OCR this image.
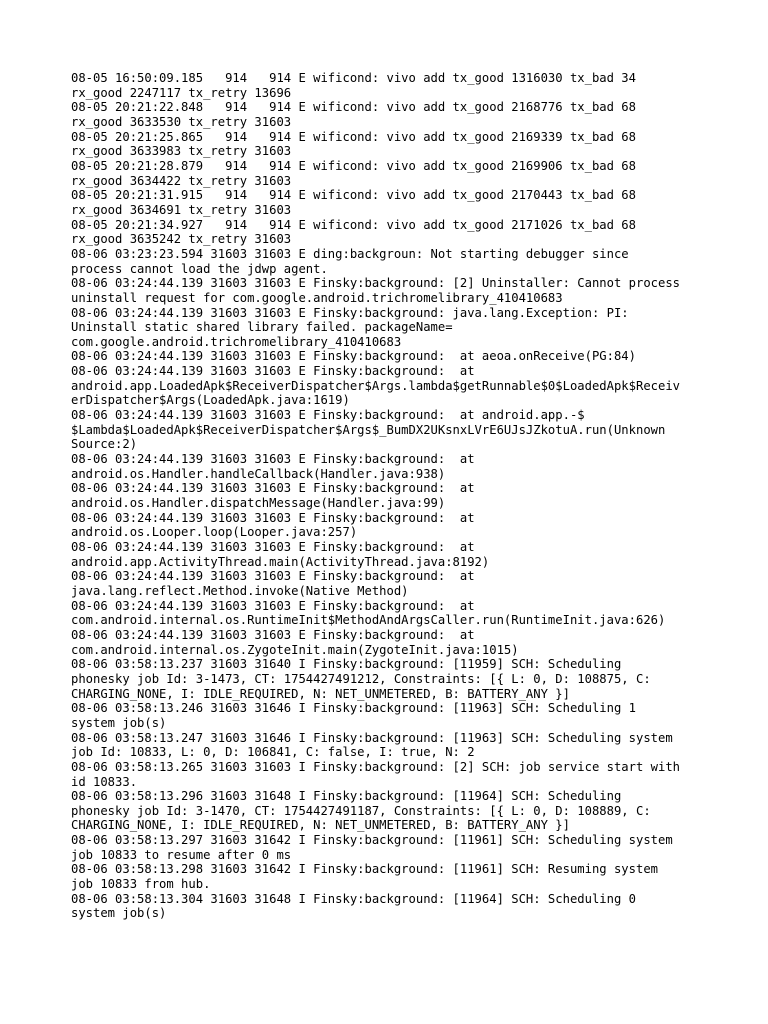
08-05 16:50:09.185   914   914 E wificond: vivo add tx_good 1316030 tx_bad 34
rx_good 2247117 tx_retry 13696
08-05 20:21:22.848   914   914 E wificond: vivo add tx_good 2168776 tx_bad 68
rx_good 3633530 tx_retry 31603
08-05 20:21:25.865   914   914 E wificond: vivo add tx_good 2169339 tx_bad 68
rx_good 3633983 tx_retry 31603
08-05 20:21:28.879   914   914 E wificond: vivo add tx_good 2169906 tx_bad 68
rx_good 3634422 tx_retry 31603
08-05 20:21:31.915   914   914 E wificond: vivo add tx_good 2170443 tx_bad 68
rx_good 3634691 tx_retry 31603
08-05 20:21:34.927   914   914 E wificond: vivo add tx_good 2171026 tx_bad 68
rx_good 3635242 tx_retry 31603
08-06 03:23:23.594 31603 31603 E ding:backgroun: Not starting debugger since
process cannot load the jdwp agent.
08-06 03:24:44.139 31603 31603 E Finsky:background: [2] Uninstaller: Cannot process
uninstall request for com.google.android.trichromelibrary_410410683
08-06 03:24:44.139 31603 31603 E Finsky:background: java.lang.Exception: PI:
Uninstall static shared library failed. packageName=
com.google.android.trichromelibrary_410410683
08-06 03:24:44.139 31603 31603 E Finsky:background:  at aeoa.onReceive(PG:84)
08-06 03:24:44.139 31603 31603 E Finsky:background:  at
android.app.LoadedApk$ReceiverDispatcher$Args.lambda$getRunnable$0$LoadedApk$Receiv
erDispatcher$Args(LoadedApk.java:1619)
08-06 03:24:44.139 31603 31603 E Finsky:background:  at android.app.-$
$Lambda$LoadedApk$ReceiverDispatcher$Args$_BumDX2UKsnxLVrE6UJsJZkotuA.run(Unknown
Source:2)
08-06 03:24:44.139 31603 31603 E Finsky:background:  at
android.os.Handler.handleCallback(Handler.java:938)
08-06 03:24:44.139 31603 31603 E Finsky:background:  at
android.os.Handler.dispatchMessage(Handler.java:99)
08-06 03:24:44.139 31603 31603 E Finsky:background:  at
android.os.Looper.loop(Looper.java:257)
08-06 03:24:44.139 31603 31603 E Finsky:background:  at
android.app.ActivityThread.main(ActivityThread.java:8192)
08-06 03:24:44.139 31603 31603 E Finsky:background:  at
java.lang.reflect.Method.invoke(Native Method)
08-06 03:24:44.139 31603 31603 E Finsky:background:  at
com.android.internal.os.RuntimeInit$MethodAndArgsCaller.run(RuntimeInit.java:626)
08-06 03:24:44.139 31603 31603 E Finsky:background:  at
com.android.internal.os.ZygoteInit.main(ZygoteInit.java:1015)
08-06 03:58:13.237 31603 31640 I Finsky:background: [11959] SCH: Scheduling
phonesky job Id: 3-1473, CT: 1754427491212, Constraints: [{ L: 0, D: 108875, C:
CHARGING_NONE, I: IDLE_REQUIRED, N: NET_UNMETERED, B: BATTERY_ANY }]
08-06 03:58:13.246 31603 31646 I Finsky:background: [11963] SCH: Scheduling 1
system job(s)
08-06 03:58:13.247 31603 31646 I Finsky:background: [11963] SCH: Scheduling system
job Id: 10833, L: 0, D: 106841, C: false, I: true, N: 2
08-06 03:58:13.265 31603 31603 I Finsky:background: [2] SCH: job service start with
id 10833.
08-06 03:58:13.296 31603 31648 I Finsky:background: [11964] SCH: Scheduling
phonesky job Id: 3-1470, CT: 1754427491187, Constraints: [{ L: 0, D: 108889, C:
CHARGING_NONE, I: IDLE_REQUIRED, N: NET_UNMETERED, B: BATTERY_ANY }]
08-06 03:58:13.297 31603 31642 I Finsky:background: [11961] SCH: Scheduling system
job 10833 to resume after 0 ms
08-06 03:58:13.298 31603 31642 I Finsky:background: [11961] SCH: Resuming system
job 10833 from hub.
08-06 03:58:13.304 31603 31648 I Finsky:background: [11964] SCH: Scheduling 0
system job(s)
